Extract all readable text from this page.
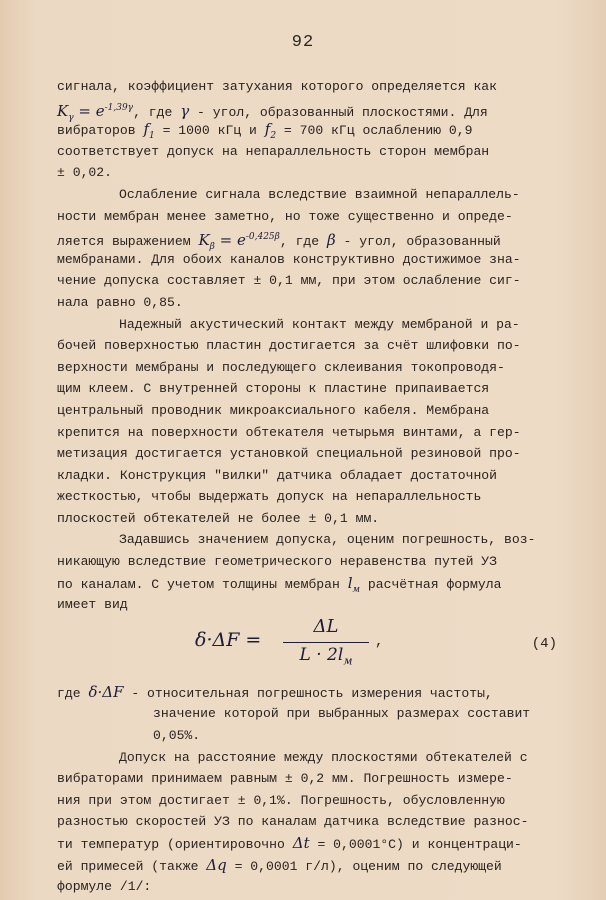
92
сигнала, коэффициент затухания которого определяется как
$K_\gamma = e^{-1,39\gamma}$, где γ - угол, образованный плоскостями. Для
вибраторов $f_1 = 1000$ кГц и $f_2 = 700$ кГц ослаблению 0,9
соответствует допуск на непараллельность сторон мембран
± 0,02.
Ослабление сигнала вследствие взаимной непараллель-
ности мембран менее заметно, но тоже существенно и опреде-
ляется выражением $K_\beta = e^{-0,425\beta}$, где β - угол, образованный
мембранами. Для обоих каналов конструктивно достижимое зна-
чение допуска составляет ± 0,1 мм, при этом ослабление сиг-
нала равно 0,85.
Надежный акустический контакт между мембраной и ра-
бочей поверхностью пластин достигается за счёт шлифовки по-
верхности мембраны и последующего склеивания токопроводя-
щим клеем. С внутренней стороны к пластине припаивается
центральный проводник микроаксиального кабеля. Мембрана
крепится на поверхности обтекателя четырьмя винтами, а гер-
метизация достигается установкой специальной резиновой про-
кладки. Конструкция "вилки" датчика обладает достаточной
жесткостью, чтобы выдержать допуск на непараллельность
плоскостей обтекателей не более ± 0,1 мм.
Задавшись значением допуска, оценим погрешность, воз-
никающую вследствие геометрического неравенства путей УЗ
по каналам. С учетом толщины мембран $l_м$ расчётная формула
имеет вид
δ·ΔF =
ΔL
$L \cdot 2l_м$
,	(4)
где δ·ΔF - относительная погрешность измерения частоты,
значение которой при выбранных размерах составит
0,05%.
Допуск на расстояние между плоскостями обтекателей с
вибраторами принимаем равным ± 0,2 мм. Погрешность измере-
ния при этом достигает ± 0,1%. Погрешность, обусловленную
разностью скоростей УЗ по каналам датчика вследствие разнос-
ти температур (ориентировочно Δt = 0,0001°С) и концентраци-
ей примесей (также Δq = 0,0001 г/л), оценим по следующей
формуле /1/:
